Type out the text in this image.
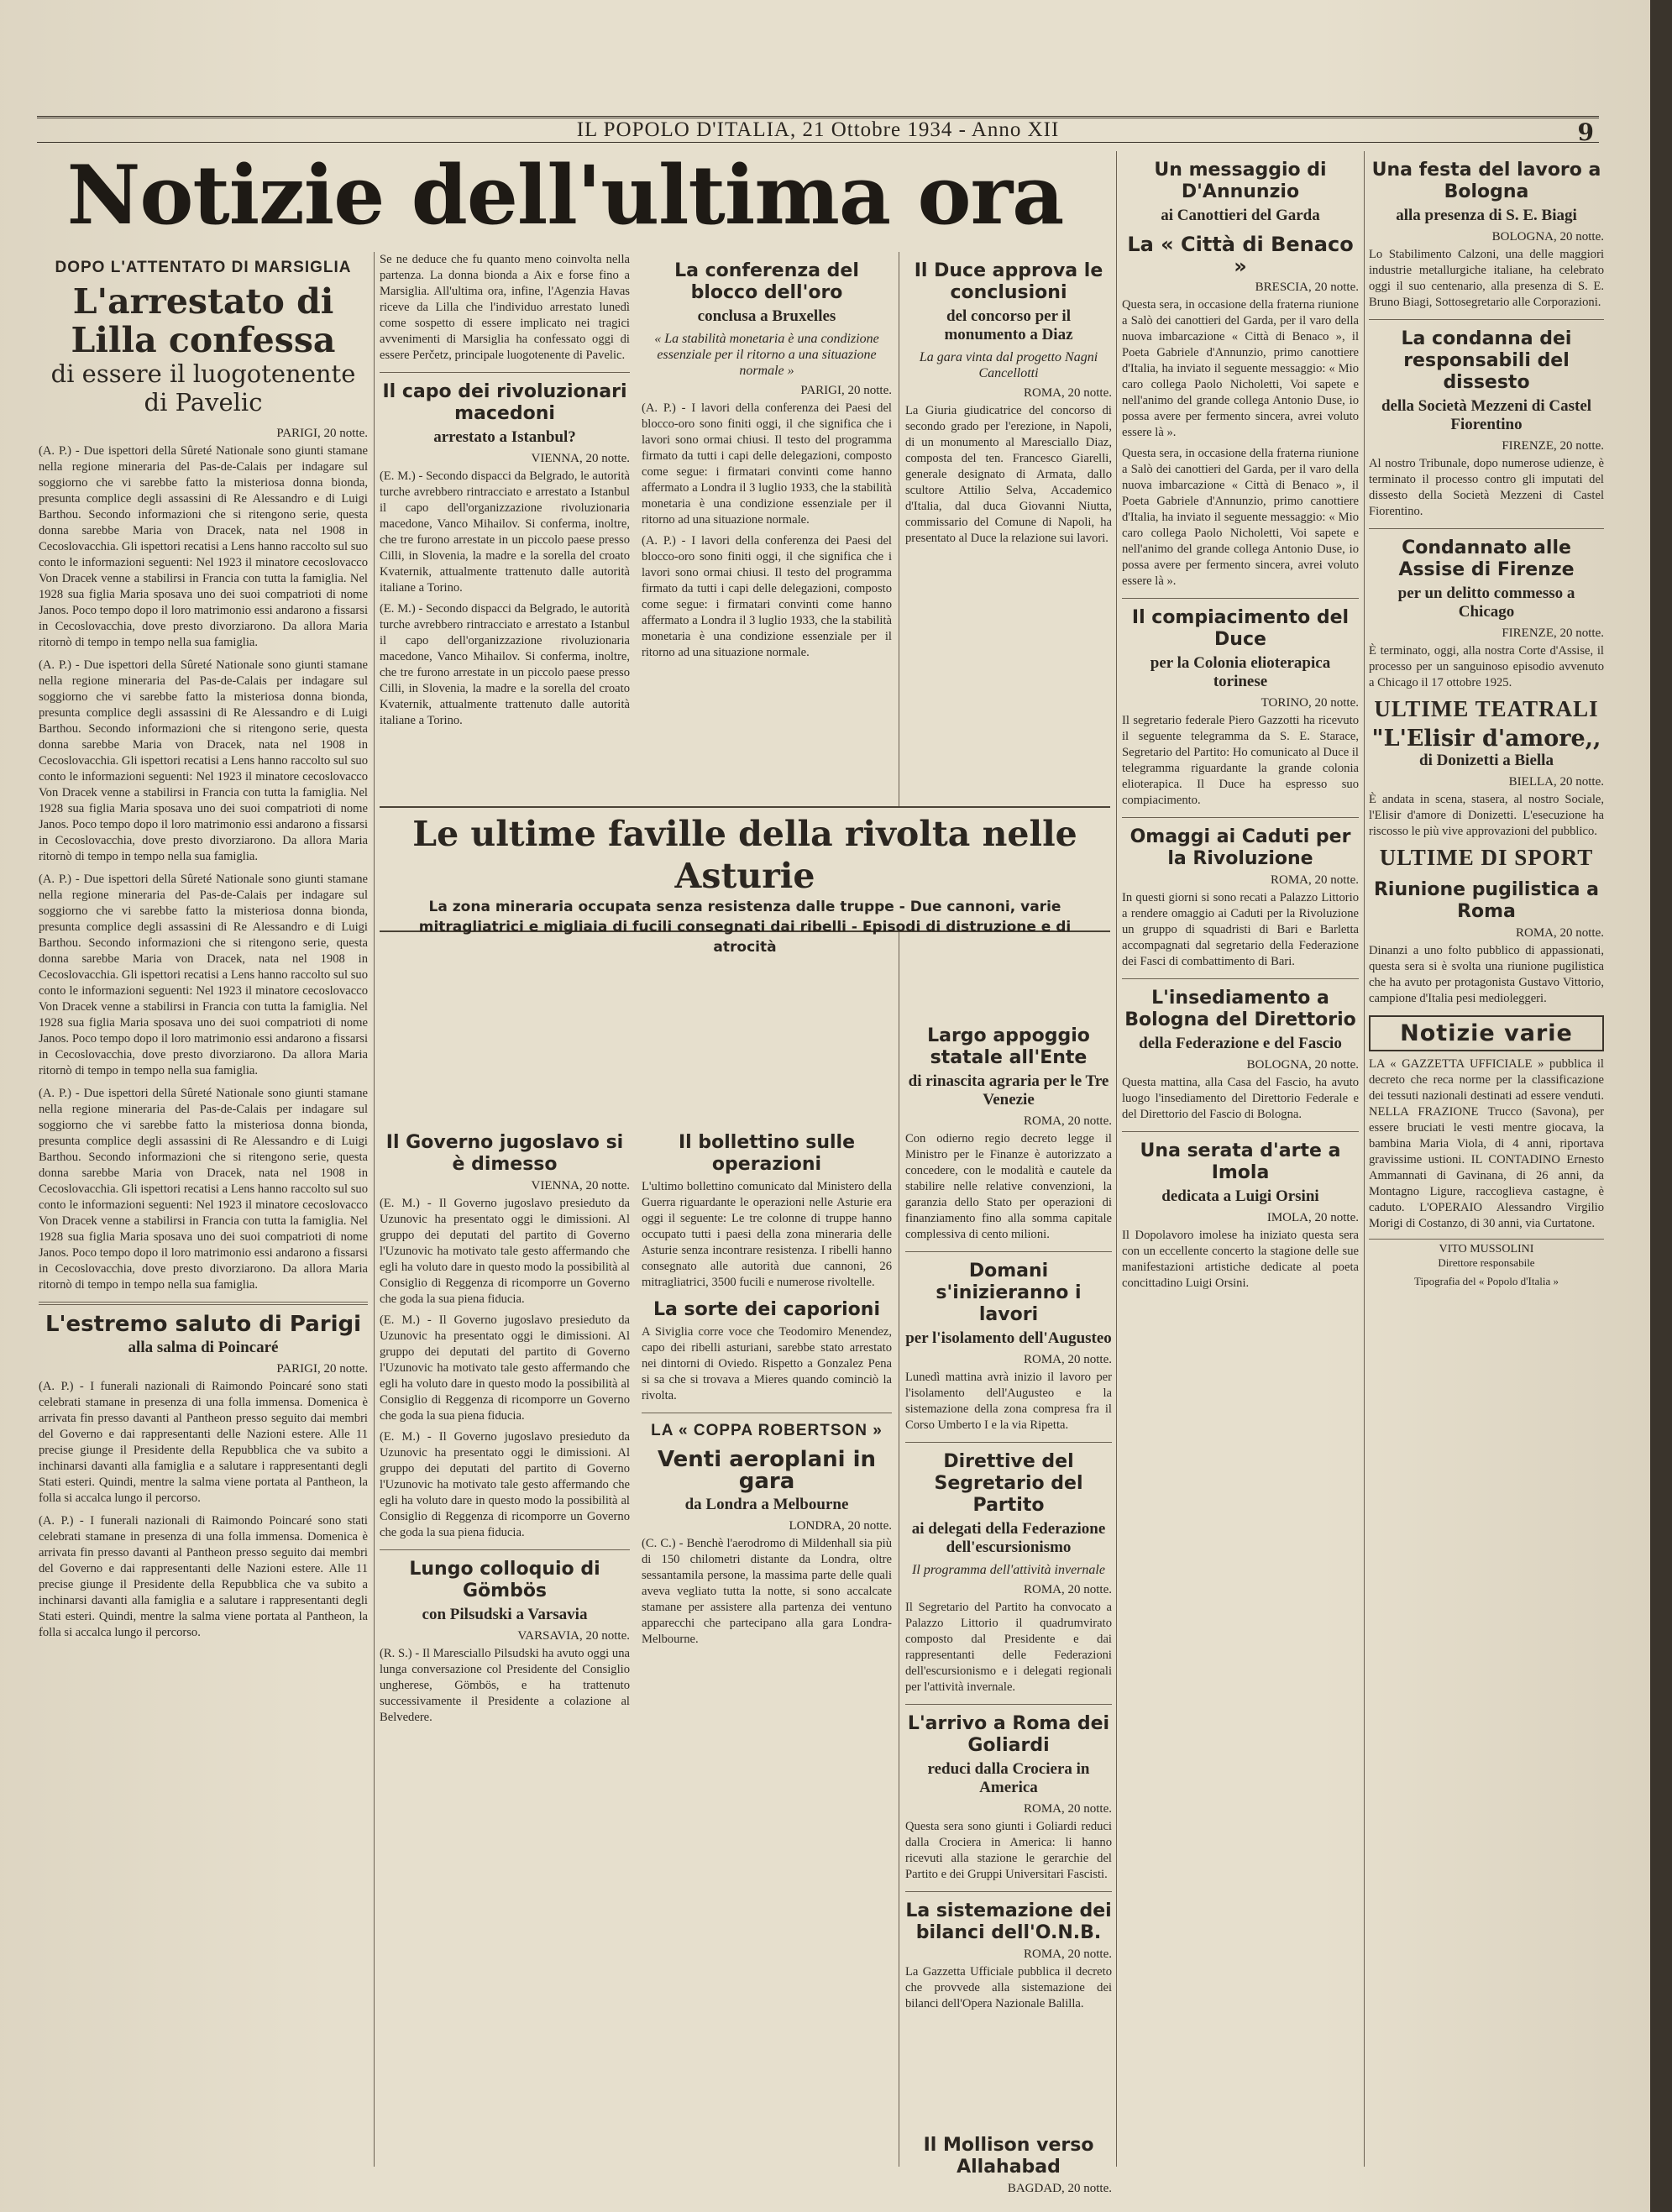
IL POPOLO D'ITALIA, 21 Ottobre 1934 - Anno XII	9
Notizie dell'ultima ora
DOPO L'ATTENTATO DI MARSIGLIA
L'arrestato di Lilla confessa
di essere il luogotenente di Pavelic
PARIGI, 20 notte.

(A. P.) - Due ispettori della Sûreté Nationale sono giunti stamane nella regione mineraria del Pas-de-Calais per indagare sul soggiorno che vi sarebbe fatto la misteriosa donna bionda, presunta complice degli assassini di Re Alessandro e di Luigi Barthou. Secondo informazioni che si ritengono serie, questa donna sarebbe Maria von Dracek, nata nel 1908 in Cecoslovacchia. Gli ispettori recatisi a Lens hanno raccolto sul suo conto le informazioni seguenti: Nel 1923 il minatore cecoslovacco Von Dracek venne a stabilirsi in Francia con tutta la famiglia. Nel 1928 sua figlia Maria sposava uno dei suoi compatrioti di nome Janos. Poco tempo dopo il loro matrimonio essi andarono a fissarsi in Cecoslovacchia, dove presto divorziarono. Da allora Maria ritornò di tempo in tempo nella sua famiglia.

(A. P.) - Due ispettori della Sûreté Nationale sono giunti stamane nella regione mineraria del Pas-de-Calais per indagare sul soggiorno che vi sarebbe fatto la misteriosa donna bionda, presunta complice degli assassini di Re Alessandro e di Luigi Barthou. Secondo informazioni che si ritengono serie, questa donna sarebbe Maria von Dracek, nata nel 1908 in Cecoslovacchia. Gli ispettori recatisi a Lens hanno raccolto sul suo conto le informazioni seguenti: Nel 1923 il minatore cecoslovacco Von Dracek venne a stabilirsi in Francia con tutta la famiglia. Nel 1928 sua figlia Maria sposava uno dei suoi compatrioti di nome Janos. Poco tempo dopo il loro matrimonio essi andarono a fissarsi in Cecoslovacchia, dove presto divorziarono. Da allora Maria ritornò di tempo in tempo nella sua famiglia.

(A. P.) - Due ispettori della Sûreté Nationale sono giunti stamane nella regione mineraria del Pas-de-Calais per indagare sul soggiorno che vi sarebbe fatto la misteriosa donna bionda, presunta complice degli assassini di Re Alessandro e di Luigi Barthou. Secondo informazioni che si ritengono serie, questa donna sarebbe Maria von Dracek, nata nel 1908 in Cecoslovacchia. Gli ispettori recatisi a Lens hanno raccolto sul suo conto le informazioni seguenti: Nel 1923 il minatore cecoslovacco Von Dracek venne a stabilirsi in Francia con tutta la famiglia. Nel 1928 sua figlia Maria sposava uno dei suoi compatrioti di nome Janos. Poco tempo dopo il loro matrimonio essi andarono a fissarsi in Cecoslovacchia, dove presto divorziarono. Da allora Maria ritornò di tempo in tempo nella sua famiglia.

(A. P.) - Due ispettori della Sûreté Nationale sono giunti stamane nella regione mineraria del Pas-de-Calais per indagare sul soggiorno che vi sarebbe fatto la misteriosa donna bionda, presunta complice degli assassini di Re Alessandro e di Luigi Barthou. Secondo informazioni che si ritengono serie, questa donna sarebbe Maria von Dracek, nata nel 1908 in Cecoslovacchia. Gli ispettori recatisi a Lens hanno raccolto sul suo conto le informazioni seguenti: Nel 1923 il minatore cecoslovacco Von Dracek venne a stabilirsi in Francia con tutta la famiglia. Nel 1928 sua figlia Maria sposava uno dei suoi compatrioti di nome Janos. Poco tempo dopo il loro matrimonio essi andarono a fissarsi in Cecoslovacchia, dove presto divorziarono. Da allora Maria ritornò di tempo in tempo nella sua famiglia.

L'estremo saluto di Parigi
alla salma di Poincaré
PARIGI, 20 notte.

(A. P.) - I funerali nazionali di Raimondo Poincaré sono stati celebrati stamane in presenza di una folla immensa. Domenica è arrivata fin presso davanti al Pantheon presso seguito dai membri del Governo e dai rappresentanti delle Nazioni estere. Alle 11 precise giunge il Presidente della Repubblica che va subito a inchinarsi davanti alla famiglia e a salutare i rappresentanti degli Stati esteri. Quindi, mentre la salma viene portata al Pantheon, la folla si accalca lungo il percorso.

(A. P.) - I funerali nazionali di Raimondo Poincaré sono stati celebrati stamane in presenza di una folla immensa. Domenica è arrivata fin presso davanti al Pantheon presso seguito dai membri del Governo e dai rappresentanti delle Nazioni estere. Alle 11 precise giunge il Presidente della Repubblica che va subito a inchinarsi davanti alla famiglia e a salutare i rappresentanti degli Stati esteri. Quindi, mentre la salma viene portata al Pantheon, la folla si accalca lungo il percorso.

Se ne deduce che fu quanto meno coinvolta nella partenza. La donna bionda a Aix e forse fino a Marsiglia. All'ultima ora, infine, l'Agenzia Havas riceve da Lilla che l'individuo arrestato lunedì come sospetto di essere implicato nei tragici avvenimenti di Marsiglia ha confessato oggi di essere Perčetz, principale luogotenente di Pavelic.

Il capo dei rivoluzionari macedoni
arrestato a Istanbul?
VIENNA, 20 notte.

(E. M.) - Secondo dispacci da Belgrado, le autorità turche avrebbero rintracciato e arrestato a Istanbul il capo dell'organizzazione rivoluzionaria macedone, Vanco Mihailov. Si conferma, inoltre, che tre furono arrestate in un piccolo paese presso Cilli, in Slovenia, la madre e la sorella del croato Kvaternik, attualmente trattenuto dalle autorità italiane a Torino.

(E. M.) - Secondo dispacci da Belgrado, le autorità turche avrebbero rintracciato e arrestato a Istanbul il capo dell'organizzazione rivoluzionaria macedone, Vanco Mihailov. Si conferma, inoltre, che tre furono arrestate in un piccolo paese presso Cilli, in Slovenia, la madre e la sorella del croato Kvaternik, attualmente trattenuto dalle autorità italiane a Torino.

La conferenza del blocco dell'oro
conclusa a Bruxelles
« La stabilità monetaria è una condizione essenziale per il ritorno a una situazione normale »
PARIGI, 20 notte.

(A. P.) - I lavori della conferenza dei Paesi del blocco-oro sono finiti oggi, il che significa che i lavori sono ormai chiusi. Il testo del programma firmato da tutti i capi delle delegazioni, composto come segue: i firmatari convinti come hanno affermato a Londra il 3 luglio 1933, che la stabilità monetaria è una condizione essenziale per il ritorno ad una situazione normale.

(A. P.) - I lavori della conferenza dei Paesi del blocco-oro sono finiti oggi, il che significa che i lavori sono ormai chiusi. Il testo del programma firmato da tutti i capi delle delegazioni, composto come segue: i firmatari convinti come hanno affermato a Londra il 3 luglio 1933, che la stabilità monetaria è una condizione essenziale per il ritorno ad una situazione normale.

Il Governo jugoslavo si è dimesso
VIENNA, 20 notte.

(E. M.) - Il Governo jugoslavo presieduto da Uzunovic ha presentato oggi le dimissioni. Al gruppo dei deputati del partito di Governo l'Uzunovic ha motivato tale gesto affermando che egli ha voluto dare in questo modo la possibilità al Consiglio di Reggenza di ricomporre un Governo che goda la sua piena fiducia.

(E. M.) - Il Governo jugoslavo presieduto da Uzunovic ha presentato oggi le dimissioni. Al gruppo dei deputati del partito di Governo l'Uzunovic ha motivato tale gesto affermando che egli ha voluto dare in questo modo la possibilità al Consiglio di Reggenza di ricomporre un Governo che goda la sua piena fiducia.

(E. M.) - Il Governo jugoslavo presieduto da Uzunovic ha presentato oggi le dimissioni. Al gruppo dei deputati del partito di Governo l'Uzunovic ha motivato tale gesto affermando che egli ha voluto dare in questo modo la possibilità al Consiglio di Reggenza di ricomporre un Governo che goda la sua piena fiducia.

Lungo colloquio di Gömbös
con Pilsudski a Varsavia
VARSAVIA, 20 notte.

(R. S.) - Il Maresciallo Pilsudski ha avuto oggi una lunga conversazione col Presidente del Consiglio ungherese, Gömbös, e ha trattenuto successivamente il Presidente a colazione al Belvedere.

Il bollettino sulle operazioni

L'ultimo bollettino comunicato dal Ministero della Guerra riguardante le operazioni nelle Asturie era oggi il seguente: Le tre colonne di truppe hanno occupato tutti i paesi della zona mineraria delle Asturie senza incontrare resistenza. I ribelli hanno consegnato alle autorità due cannoni, 26 mitragliatrici, 3500 fucili e numerose rivoltelle.

La sorte dei caporioni

A Siviglia corre voce che Teodomiro Menendez, capo dei ribelli asturiani, sarebbe stato arrestato nei dintorni di Oviedo. Rispetto a Gonzalez Pena si sa che si trovava a Mieres quando cominciò la rivolta.

LA « COPPA ROBERTSON »
Venti aeroplani in gara
da Londra a Melbourne
LONDRA, 20 notte.

(C. C.) - Benchè l'aerodromo di Mildenhall sia più di 150 chilometri distante da Londra, oltre sessantamila persone, la massima parte delle quali aveva vegliato tutta la notte, si sono accalcate stamane per assistere alla partenza dei ventuno apparecchi che partecipano alla gara Londra-Melbourne.

Il Duce approva le conclusioni
del concorso per il monumento a Diaz
La gara vinta dal progetto Nagni Cancellotti
ROMA, 20 notte.

La Giuria giudicatrice del concorso di secondo grado per l'erezione, in Napoli, di un monumento al Maresciallo Diaz, composta del ten. Francesco Giarelli, generale designato di Armata, dallo scultore Attilio Selva, Accademico d'Italia, dal duca Giovanni Niutta, commissario del Comune di Napoli, ha presentato al Duce la relazione sui lavori.

Largo appoggio statale all'Ente
di rinascita agraria per le Tre Venezie
ROMA, 20 notte.

Con odierno regio decreto legge il Ministro per le Finanze è autorizzato a concedere, con le modalità e cautele da stabilire nelle relative convenzioni, la garanzia dello Stato per operazioni di finanziamento fino alla somma capitale complessiva di cento milioni.

Domani s'inizieranno i lavori
per l'isolamento dell'Augusteo
ROMA, 20 notte.

Lunedì mattina avrà inizio il lavoro per l'isolamento dell'Augusteo e la sistemazione della zona compresa fra il Corso Umberto I e la via Ripetta.

Direttive del Segretario del Partito
ai delegati della Federazione dell'escursionismo
Il programma dell'attività invernale
ROMA, 20 notte.

Il Segretario del Partito ha convocato a Palazzo Littorio il quadrumvirato composto dal Presidente e dai rappresentanti delle Federazioni dell'escursionismo e i delegati regionali per l'attività invernale.

L'arrivo a Roma dei Goliardi
reduci dalla Crociera in America
ROMA, 20 notte.

Questa sera sono giunti i Goliardi reduci dalla Crociera in America: li hanno ricevuti alla stazione le gerarchie del Partito e dei Gruppi Universitari Fascisti.

La sistemazione dei bilanci dell'O.N.B.
ROMA, 20 notte.

La Gazzetta Ufficiale pubblica il decreto che provvede alla sistemazione dei bilanci dell'Opera Nazionale Balilla.

Le ultime faville della rivolta nelle Asturie
La zona mineraria occupata senza resistenza dalle truppe - Due cannoni, varie mitragliatrici e migliaia di fucili consegnati dai ribelli - Episodi di distruzione e di atrocità
Un messaggio di D'Annunzio
ai Canottieri del Garda
La « Città di Benaco »
BRESCIA, 20 notte.

Questa sera, in occasione della fraterna riunione a Salò dei canottieri del Garda, per il varo della nuova imbarcazione « Città di Benaco », il Poeta Gabriele d'Annunzio, primo canottiere d'Italia, ha inviato il seguente messaggio: « Mio caro collega Paolo Nicholetti, Voi sapete e nell'animo del grande collega Antonio Duse, io possa avere per fermento sincera, avrei voluto essere là ».

Questa sera, in occasione della fraterna riunione a Salò dei canottieri del Garda, per il varo della nuova imbarcazione « Città di Benaco », il Poeta Gabriele d'Annunzio, primo canottiere d'Italia, ha inviato il seguente messaggio: « Mio caro collega Paolo Nicholetti, Voi sapete e nell'animo del grande collega Antonio Duse, io possa avere per fermento sincera, avrei voluto essere là ».

Il compiacimento del Duce
per la Colonia elioterapica torinese
TORINO, 20 notte.

Il segretario federale Piero Gazzotti ha ricevuto il seguente telegramma da S. E. Starace, Segretario del Partito: Ho comunicato al Duce il telegramma riguardante la grande colonia elioterapica. Il Duce ha espresso suo compiacimento.

Omaggi ai Caduti per la Rivoluzione
ROMA, 20 notte.

In questi giorni si sono recati a Palazzo Littorio a rendere omaggio ai Caduti per la Rivoluzione un gruppo di squadristi di Bari e Barletta accompagnati dal segretario della Federazione dei Fasci di combattimento di Bari.

L'insediamento a Bologna del Direttorio
della Federazione e del Fascio
BOLOGNA, 20 notte.

Questa mattina, alla Casa del Fascio, ha avuto luogo l'insediamento del Direttorio Federale e del Direttorio del Fascio di Bologna.

Una serata d'arte a Imola
dedicata a Luigi Orsini
IMOLA, 20 notte.

Il Dopolavoro imolese ha iniziato questa sera con un eccellente concerto la stagione delle sue manifestazioni artistiche dedicate al poeta concittadino Luigi Orsini.

Una festa del lavoro a Bologna
alla presenza di S. E. Biagi
BOLOGNA, 20 notte.

Lo Stabilimento Calzoni, una delle maggiori industrie metallurgiche italiane, ha celebrato oggi il suo centenario, alla presenza di S. E. Bruno Biagi, Sottosegretario alle Corporazioni.

La condanna dei responsabili del dissesto
della Società Mezzeni di Castel Fiorentino
FIRENZE, 20 notte.

Al nostro Tribunale, dopo numerose udienze, è terminato il processo contro gli imputati del dissesto della Società Mezzeni di Castel Fiorentino.

Condannato alle Assise di Firenze
per un delitto commesso a Chicago
FIRENZE, 20 notte.

È terminato, oggi, alla nostra Corte d'Assise, il processo per un sanguinoso episodio avvenuto a Chicago il 17 ottobre 1925.

ULTIME TEATRALI
"L'Elisir d'amore,,
di Donizetti a Biella
BIELLA, 20 notte.

È andata in scena, stasera, al nostro Sociale, l'Elisir d'amore di Donizetti. L'esecuzione ha riscosso le più vive approvazioni del pubblico.

ULTIME DI SPORT
Riunione pugilistica a Roma
ROMA, 20 notte.

Dinanzi a uno folto pubblico di appassionati, questa sera si è svolta una riunione pugilistica che ha avuto per protagonista Gustavo Vittorio, campione d'Italia pesi medioleggeri.

Notizie varie

LA « GAZZETTA UFFICIALE » pubblica il decreto che reca norme per la classificazione dei tessuti nazionali destinati ad essere venduti. NELLA FRAZIONE Trucco (Savona), per essere bruciati le vesti mentre giocava, la bambina Maria Viola, di 4 anni, riportava gravissime ustioni. IL CONTADINO Ernesto Ammannati di Gavinana, di 26 anni, da Montagno Ligure, raccoglieva castagne, è caduto. L'OPERAIO Alessandro Virgilio Morigi di Costanzo, di 30 anni, via Curtatone.

VITO MUSSOLINI
Direttore responsabile
Tipografia del « Popolo d'Italia »
Il Mollison verso Allahabad
BAGDAD, 20 notte.
